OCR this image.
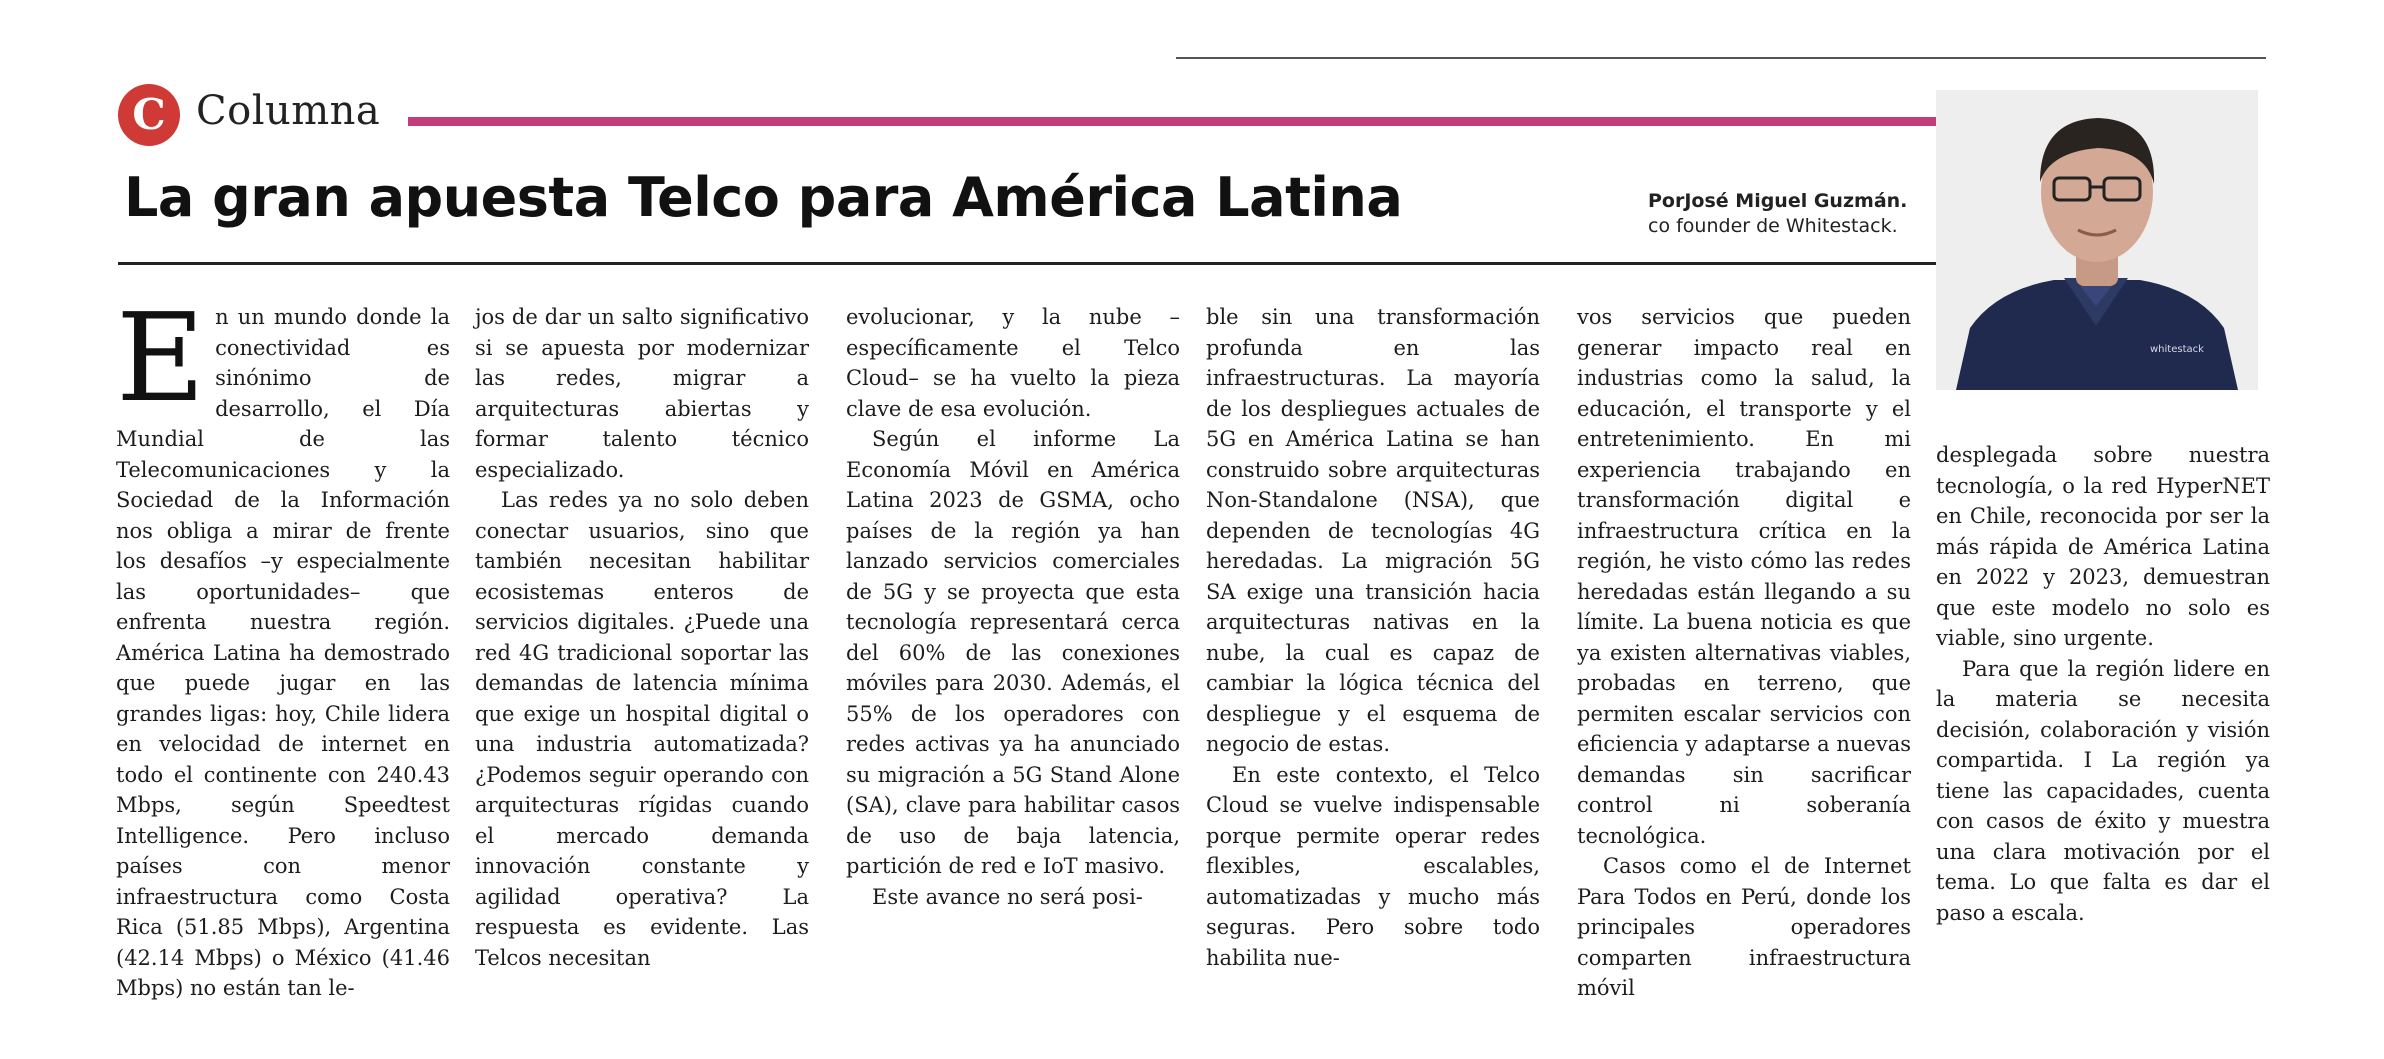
C Columna
La gran apuesta Telco para América Latina	PorJosé Miguel Guzmán.
co founder de Whitestack.
whitestack
E n un mundo donde la conectividad es sinónimo de desarrollo, el Día Mundial de las Telecomunicaciones y la Sociedad de la Información nos obliga a mirar de frente los desafíos –y especialmente las oportunidades– que enfrenta nuestra región. América Latina ha demostrado que puede jugar en las grandes ligas: hoy, Chile lidera en velocidad de internet en todo el continente con 240.43 Mbps, según Speedtest Intelligence. Pero incluso países con menor infraestructura como Costa Rica (51.85 Mbps), Argentina (42.14 Mbps) o México (41.46 Mbps) no están tan le-

jos de dar un salto significativo si se apuesta por modernizar las redes, migrar a arquitecturas abiertas y formar talento técnico especializado.

Las redes ya no solo deben conectar usuarios, sino que también necesitan habilitar ecosistemas enteros de servicios digitales. ¿Puede una red 4G tradicional soportar las demandas de latencia mínima que exige un hospital digital o una industria automatizada? ¿Podemos seguir operando con arquitecturas rígidas cuando el mercado demanda innovación constante y agilidad operativa? La respuesta es evidente. Las Telcos necesitan

evolucionar, y la nube –específicamente el Telco Cloud– se ha vuelto la pieza clave de esa evolución.

Según el informe La Economía Móvil en América Latina 2023 de GSMA, ocho países de la región ya han lanzado servicios comerciales de 5G y se proyecta que esta tecnología representará cerca del 60% de las conexiones móviles para 2030. Además, el 55% de los operadores con redes activas ya ha anunciado su migración a 5G Stand Alone (SA), clave para habilitar casos de uso de baja latencia, partición de red e IoT masivo.

Este avance no será posi-

ble sin una transformación profunda en las infraestructuras. La mayoría de los despliegues actuales de 5G en América Latina se han construido sobre arquitecturas Non-Standalone (NSA), que dependen de tecnologías 4G heredadas. La migración 5G SA exige una transición hacia arquitecturas nativas en la nube, la cual es capaz de cambiar la lógica técnica del despliegue y el esquema de negocio de estas.

En este contexto, el Telco Cloud se vuelve indispensable porque permite operar redes flexibles, escalables, automatizadas y mucho más seguras. Pero sobre todo habilita nue-

vos servicios que pueden generar impacto real en industrias como la salud, la educación, el transporte y el entretenimiento. En mi experiencia trabajando en transformación digital e infraestructura crítica en la región, he visto cómo las redes heredadas están llegando a su límite. La buena noticia es que ya existen alternativas viables, probadas en terreno, que permiten escalar servicios con eficiencia y adaptarse a nuevas demandas sin sacrificar control ni soberanía tecnológica.

Casos como el de Internet Para Todos en Perú, donde los principales operadores comparten infraestructura móvil

desplegada sobre nuestra tecnología, o la red HyperNET en Chile, reconocida por ser la más rápida de América Latina en 2022 y 2023, demuestran que este modelo no solo es viable, sino urgente.

Para que la región lidere en la materia se necesita decisión, colaboración y visión compartida. I La región ya tiene las capacidades, cuenta con casos de éxito y muestra una clara motivación por el tema. Lo que falta es dar el paso a escala.
